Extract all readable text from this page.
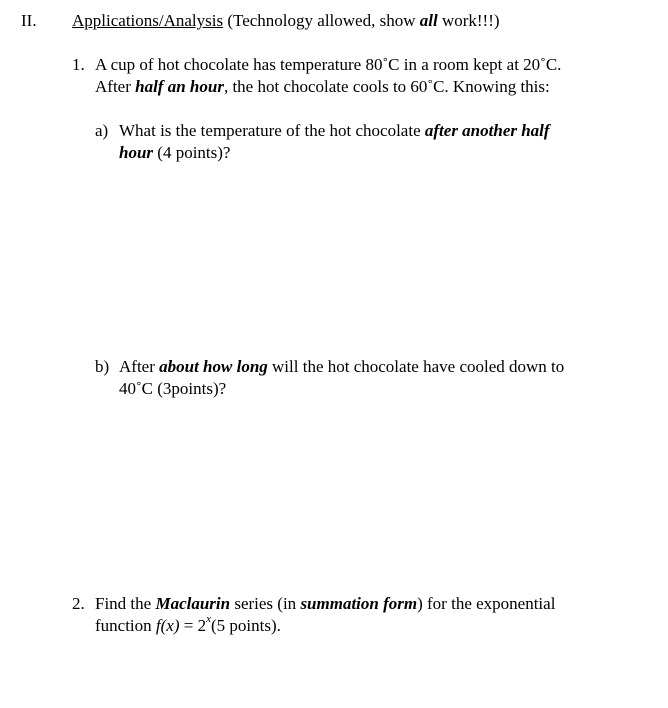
II. Applications/Analysis (Technology allowed, show all work!!!)
1. A cup of hot chocolate has temperature 80˚C in a room kept at 20˚C.
After half an hour, the hot chocolate cools to 60˚C. Knowing this:
a) What is the temperature of the hot chocolate after another half
hour (4 points)?
b) After about how long will the hot chocolate have cooled down to
40˚C (3points)?
2. Find the Maclaurin series (in summation form) for the exponential
function $f(x) = 2^x(5$ points).
